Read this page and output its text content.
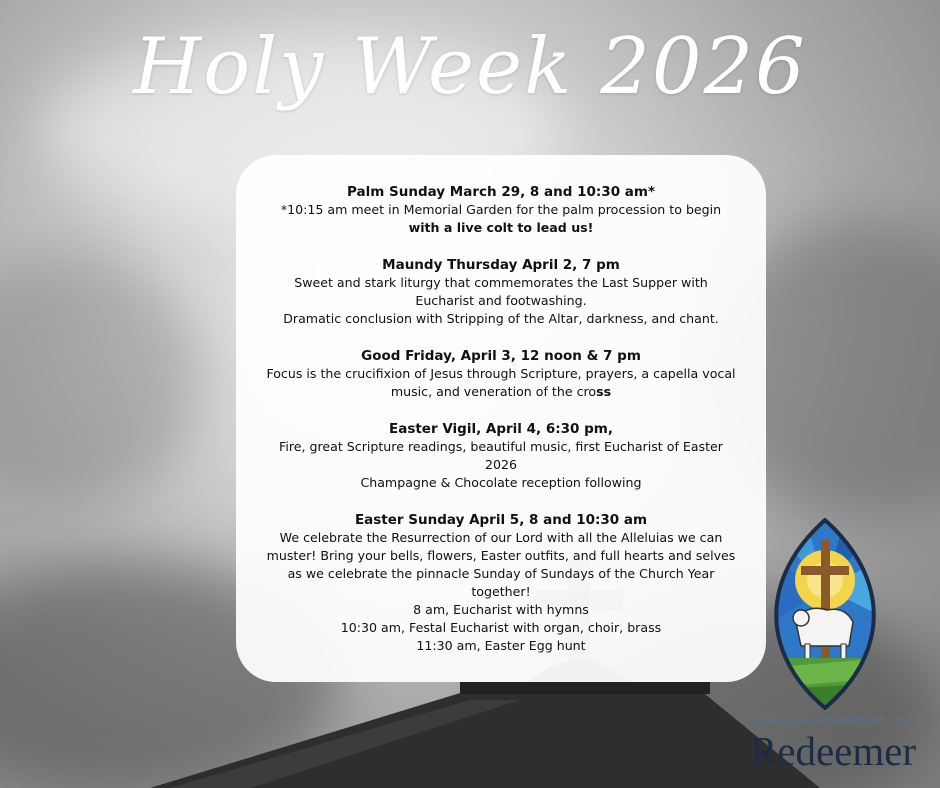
Holy Week 2026
Palm Sunday March 29, 8 and 10:30 am*
*10:15 am meet in Memorial Garden for the palm procession to begin
with a live colt to lead us!
Maundy Thursday April 2, 7 pm
Sweet and stark liturgy that commemorates the Last Supper with
Eucharist and footwashing.
Dramatic conclusion with Stripping of the Altar, darkness, and chant.
Good Friday, April 3, 12 noon & 7 pm
Focus is the crucifixion of Jesus through Scripture, prayers, a capella vocal
music, and veneration of the cross
Easter Vigil, April 4, 6:30 pm,
Fire, great Scripture readings, beautiful music, first Eucharist of Easter
2026
Champagne & Chocolate reception following
Easter Sunday April 5, 8 and 10:30 am
We celebrate the Resurrection of our Lord with all the Alleluias we can
muster! Bring your bells, flowers, Easter outfits, and full hearts and selves
as we celebrate the pinnacle Sunday of Sundays of the Church Year
together!
8 am, Eucharist with hymns
10:30 am, Festal Eucharist with organ, choir, brass
11:30 am, Easter Egg hunt
EPISCOPAL CHURCH OF THE
Redeemer
